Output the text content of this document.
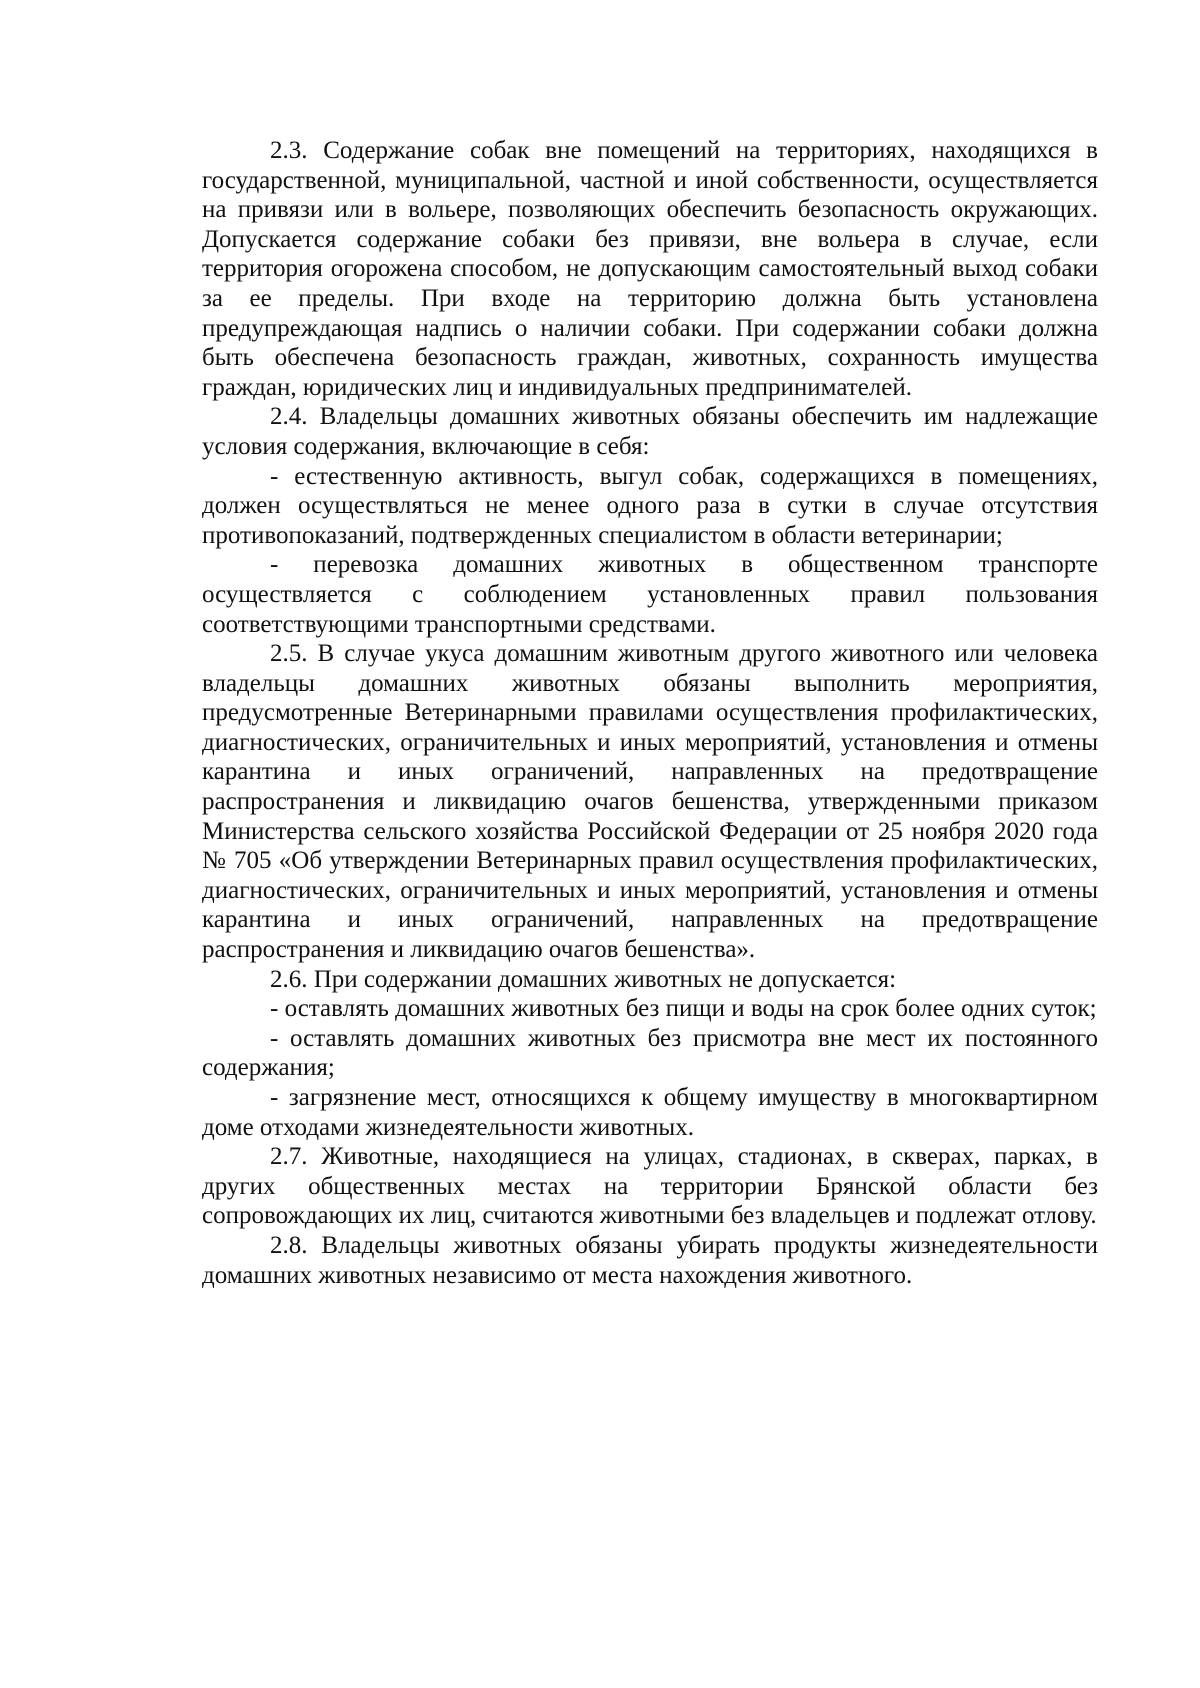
2.3. Содержание собак вне помещений на территориях, находящихся в государственной, муниципальной, частной и иной собственности, осуществляется на привязи или в вольере, позволяющих обеспечить безопасность окружающих. Допускается содержание собаки без привязи, вне вольера в случае, если территория огорожена способом, не допускающим самостоятельный выход собаки за ее пределы. При входе на территорию должна быть установлена предупреждающая надпись о наличии собаки. При содержании собаки должна быть обеспечена безопасность граждан, животных, сохранность имущества граждан, юридических лиц и индивидуальных предпринимателей.

2.4. Владельцы домашних животных обязаны обеспечить им надлежащие условия содержания, включающие в себя:

- естественную активность, выгул собак, содержащихся в помещениях, должен осуществляться не менее одного раза в сутки в случае отсутствия противопоказаний, подтвержденных специалистом в области ветеринарии;

- перевозка домашних животных в общественном транспорте осуществляется с соблюдением установленных правил пользования соответствующими транспортными средствами.

2.5. В случае укуса домашним животным другого животного или человека владельцы домашних животных обязаны выполнить мероприятия, предусмотренные Ветеринарными правилами осуществления профилактических, диагностических, ограничительных и иных мероприятий, установления и отмены карантина и иных ограничений, направленных на предотвращение распространения и ликвидацию очагов бешенства, утвержденными приказом Министерства сельского хозяйства Российской Федерации от 25 ноября 2020 года № 705 «Об утверждении Ветеринарных правил осуществления профилактических, диагностических, ограничительных и иных мероприятий, установления и отмены карантина и иных ограничений, направленных на предотвращение распространения и ликвидацию очагов бешенства».

2.6. При содержании домашних животных не допускается:

- оставлять домашних животных без пищи и воды на срок более одних суток;

- оставлять домашних животных без присмотра вне мест их постоянного содержания;

- загрязнение мест, относящихся к общему имуществу в многоквартирном доме отходами жизнедеятельности животных.

2.7. Животные, находящиеся на улицах, стадионах, в скверах, парках, в других общественных местах на территории Брянской области без сопровождающих их лиц, считаются животными без владельцев и подлежат отлову.

2.8. Владельцы животных обязаны убирать продукты жизнедеятельности домашних животных независимо от места нахождения животного.
